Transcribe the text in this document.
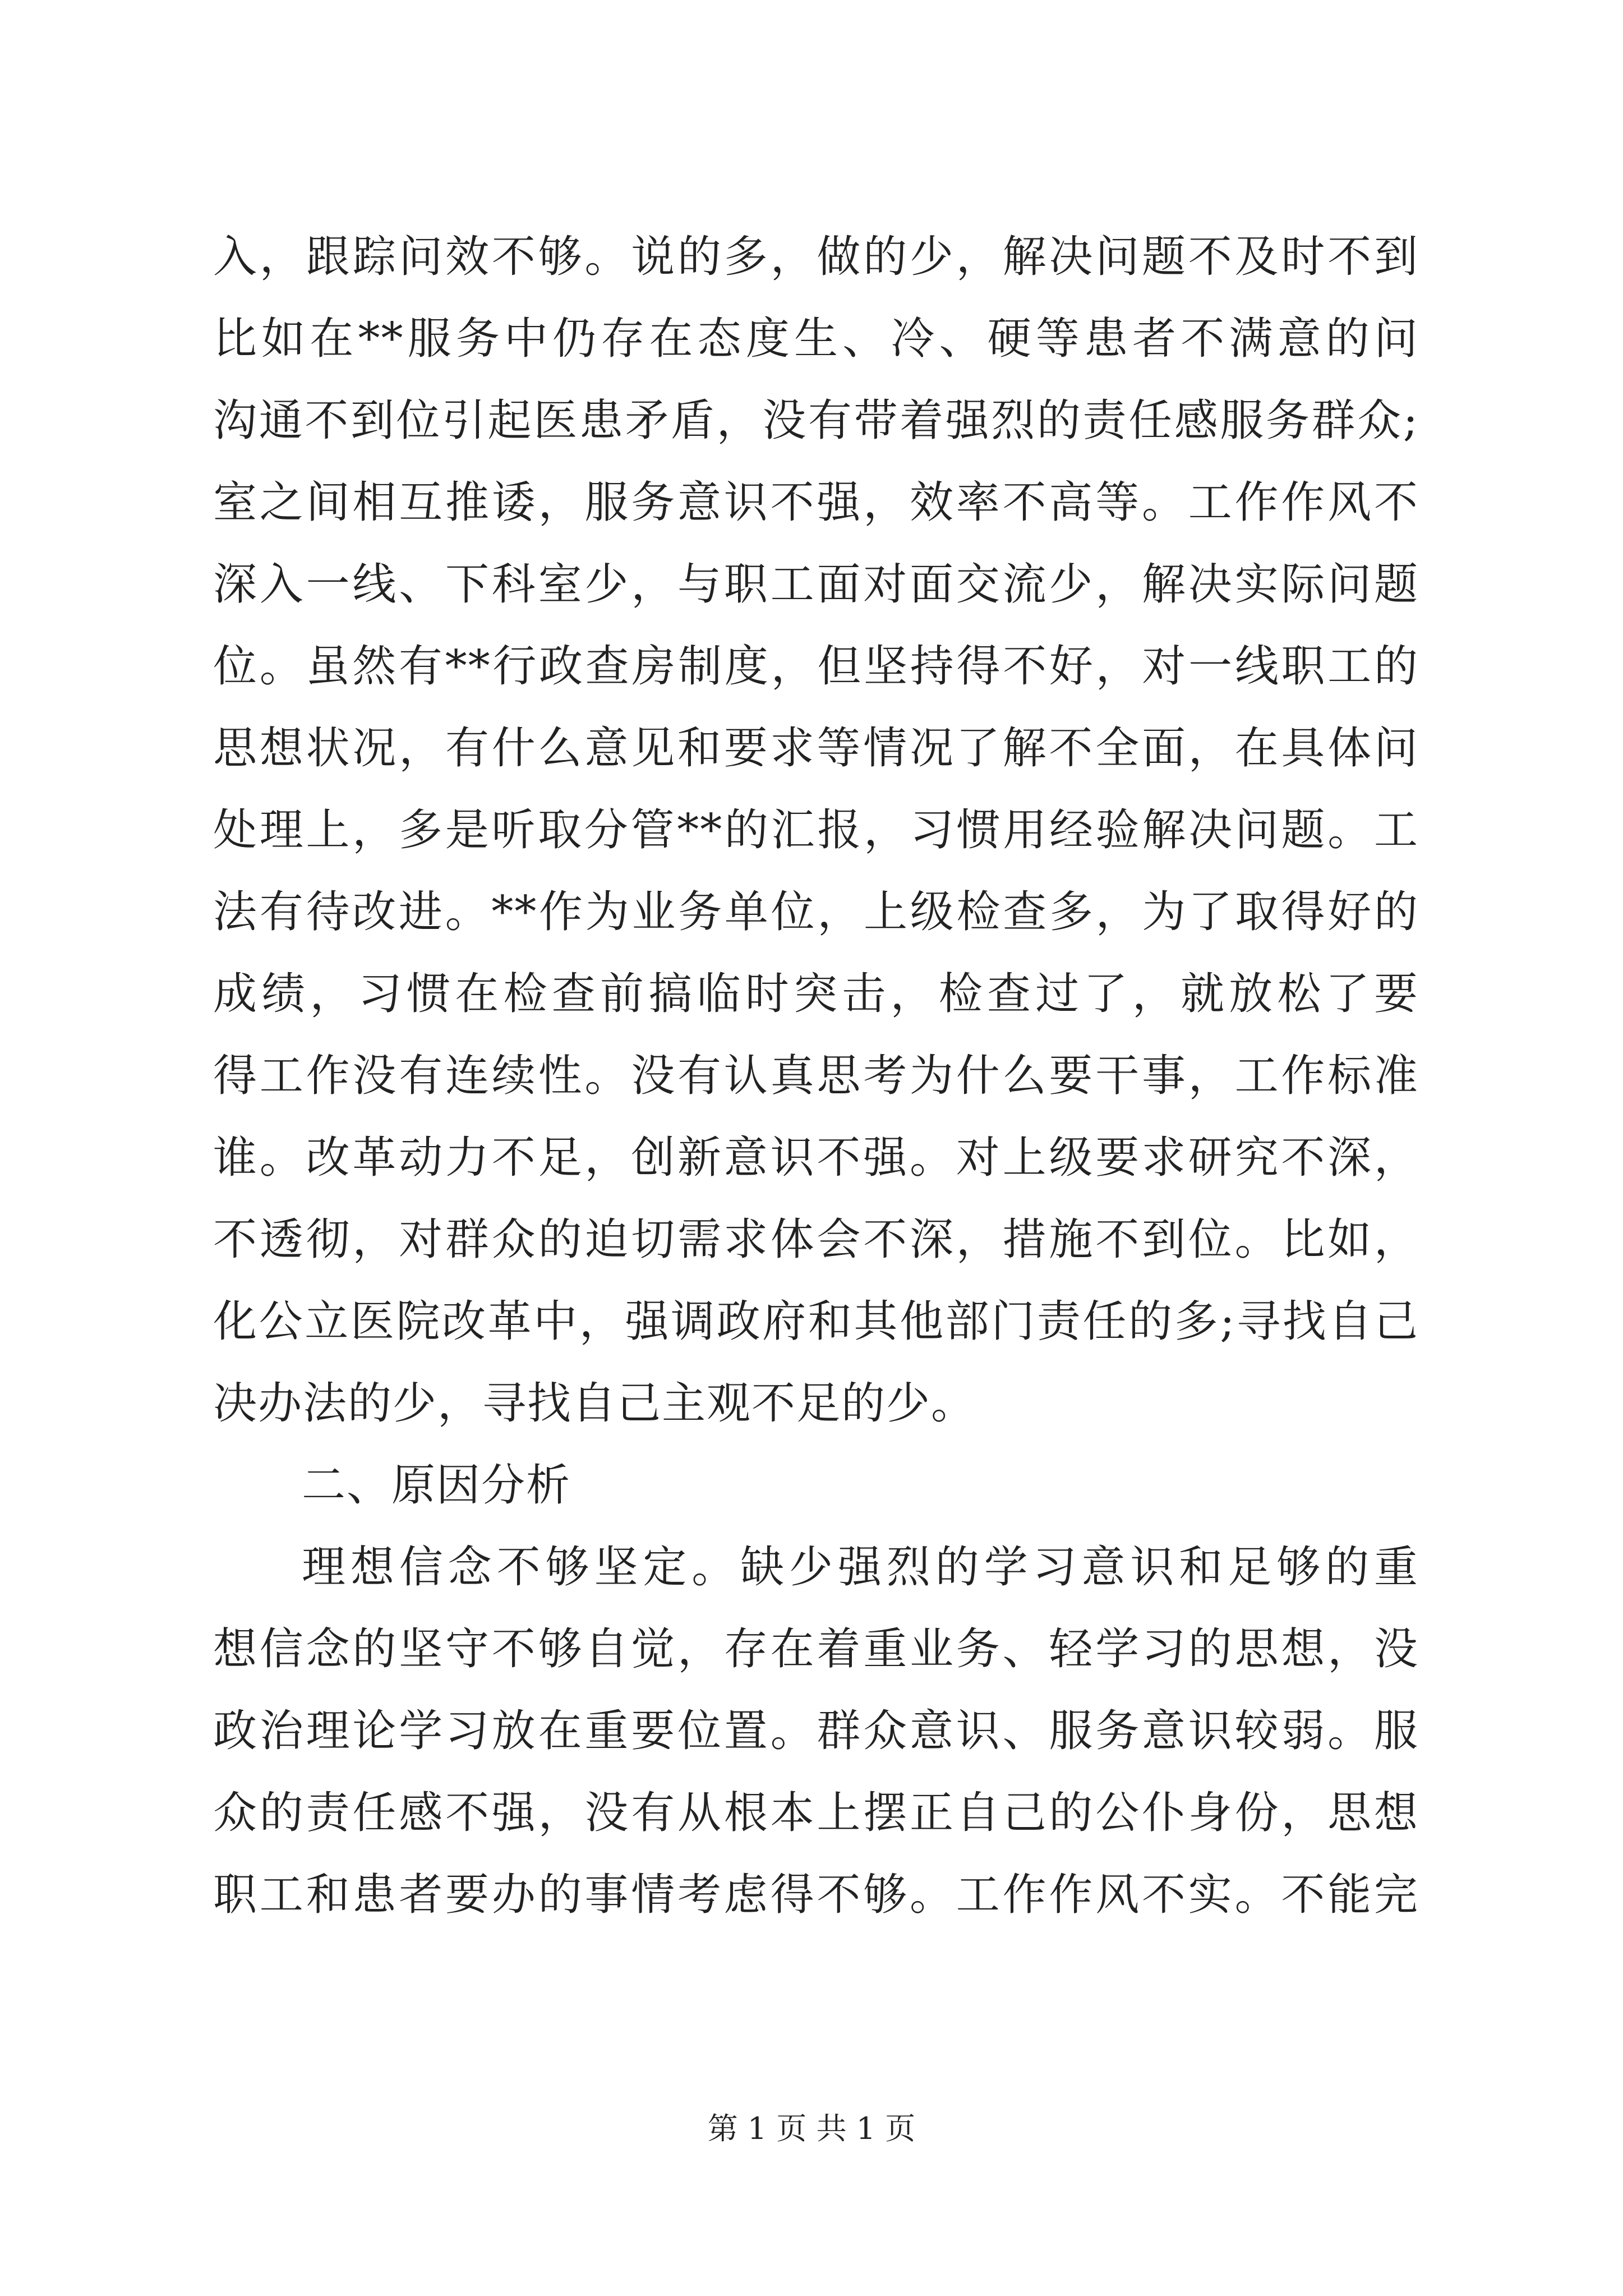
入，跟踪问效不够。说的多，做的少，解决问题不及时不到
比如在**服务中仍存在态度生、冷、硬等患者不满意的问
沟通不到位引起医患矛盾，没有带着强烈的责任感服务群众;
室之间相互推诿，服务意识不强，效率不高等。工作作风不
深入一线、下科室少，与职工面对面交流少，解决实际问题
位。虽然有**行政查房制度，但坚持得不好，对一线职工的
思想状况，有什么意见和要求等情况了解不全面，在具体问
处理上，多是听取分管**的汇报，习惯用经验解决问题。工
法有待改进。**作为业务单位，上级检查多，为了取得好的
成绩，习惯在检查前搞临时突击，检查过了，就放松了要
得工作没有连续性。没有认真思考为什么要干事，工作标准
谁。改革动力不足，创新意识不强。对上级要求研究不深，
不透彻，对群众的迫切需求体会不深，措施不到位。比如，
化公立医院改革中，强调政府和其他部门责任的多;寻找自己
决办法的少，寻找自己主观不足的少。
二、原因分析
理想信念不够坚定。缺少强烈的学习意识和足够的重
想信念的坚守不够自觉，存在着重业务、轻学习的思想，没
政治理论学习放在重要位置。群众意识、服务意识较弱。服
众的责任感不强，没有从根本上摆正自己的公仆身份，思想
职工和患者要办的事情考虑得不够。工作作风不实。不能完
第 1 页 共 1 页
